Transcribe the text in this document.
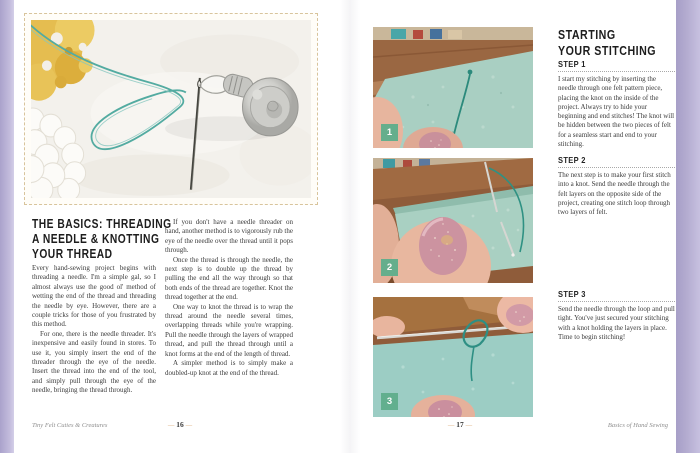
THE BASICS: THREADING
A NEEDLE & KNOTTING
YOUR THREAD

Every hand-sewing project begins with threading a needle. I'm a simple gal, so I almost always use the good ol' method of wetting the end of the thread and threading the needle by eye. However, there are a couple tricks for those of you frustrated by this method.

For one, there is the needle threader. It's inexpensive and easily found in stores. To use it, you simply insert the end of the threader through the eye of the needle. Insert the thread into the end of the tool, and simply pull through the eye of the needle, bringing the thread through.

If you don't have a needle threader on hand, another method is to vigorously rub the eye of the needle over the thread until it pops through.

Once the thread is through the needle, the next step is to double up the thread by pulling the end all the way through so that both ends of the thread are together. Knot the thread together at the end.

One way to knot the thread is to wrap the thread around the needle several times, overlapping threads while you're wrapping. Pull the needle through the layers of wrapped thread, and pull the thread through until a knot forms at the end of the length of thread.

A simpler method is to simply make a doubled-up knot at the end of the thread.

Tiny Felt Cuties & Creatures	— 16 —
1
2
3
STARTING
YOUR STITCHING
STEP 1
I start my stitching by inserting the needle through one felt pattern piece, placing the knot on the inside of the project. Always try to hide your beginning and end stitches! The knot will be hidden between the two pieces of felt for a seamless start and end to your stitching.
STEP 2
The next step is to make your first stitch into a knot. Send the needle through the felt layers on the opposite side of the project, creating one stitch loop through two layers of felt.
STEP 3
Send the needle through the loop and pull tight. You've just secured your stitching with a knot holding the layers in place. Time to begin stitching!
— 17 —	Basics of Hand Sewing
